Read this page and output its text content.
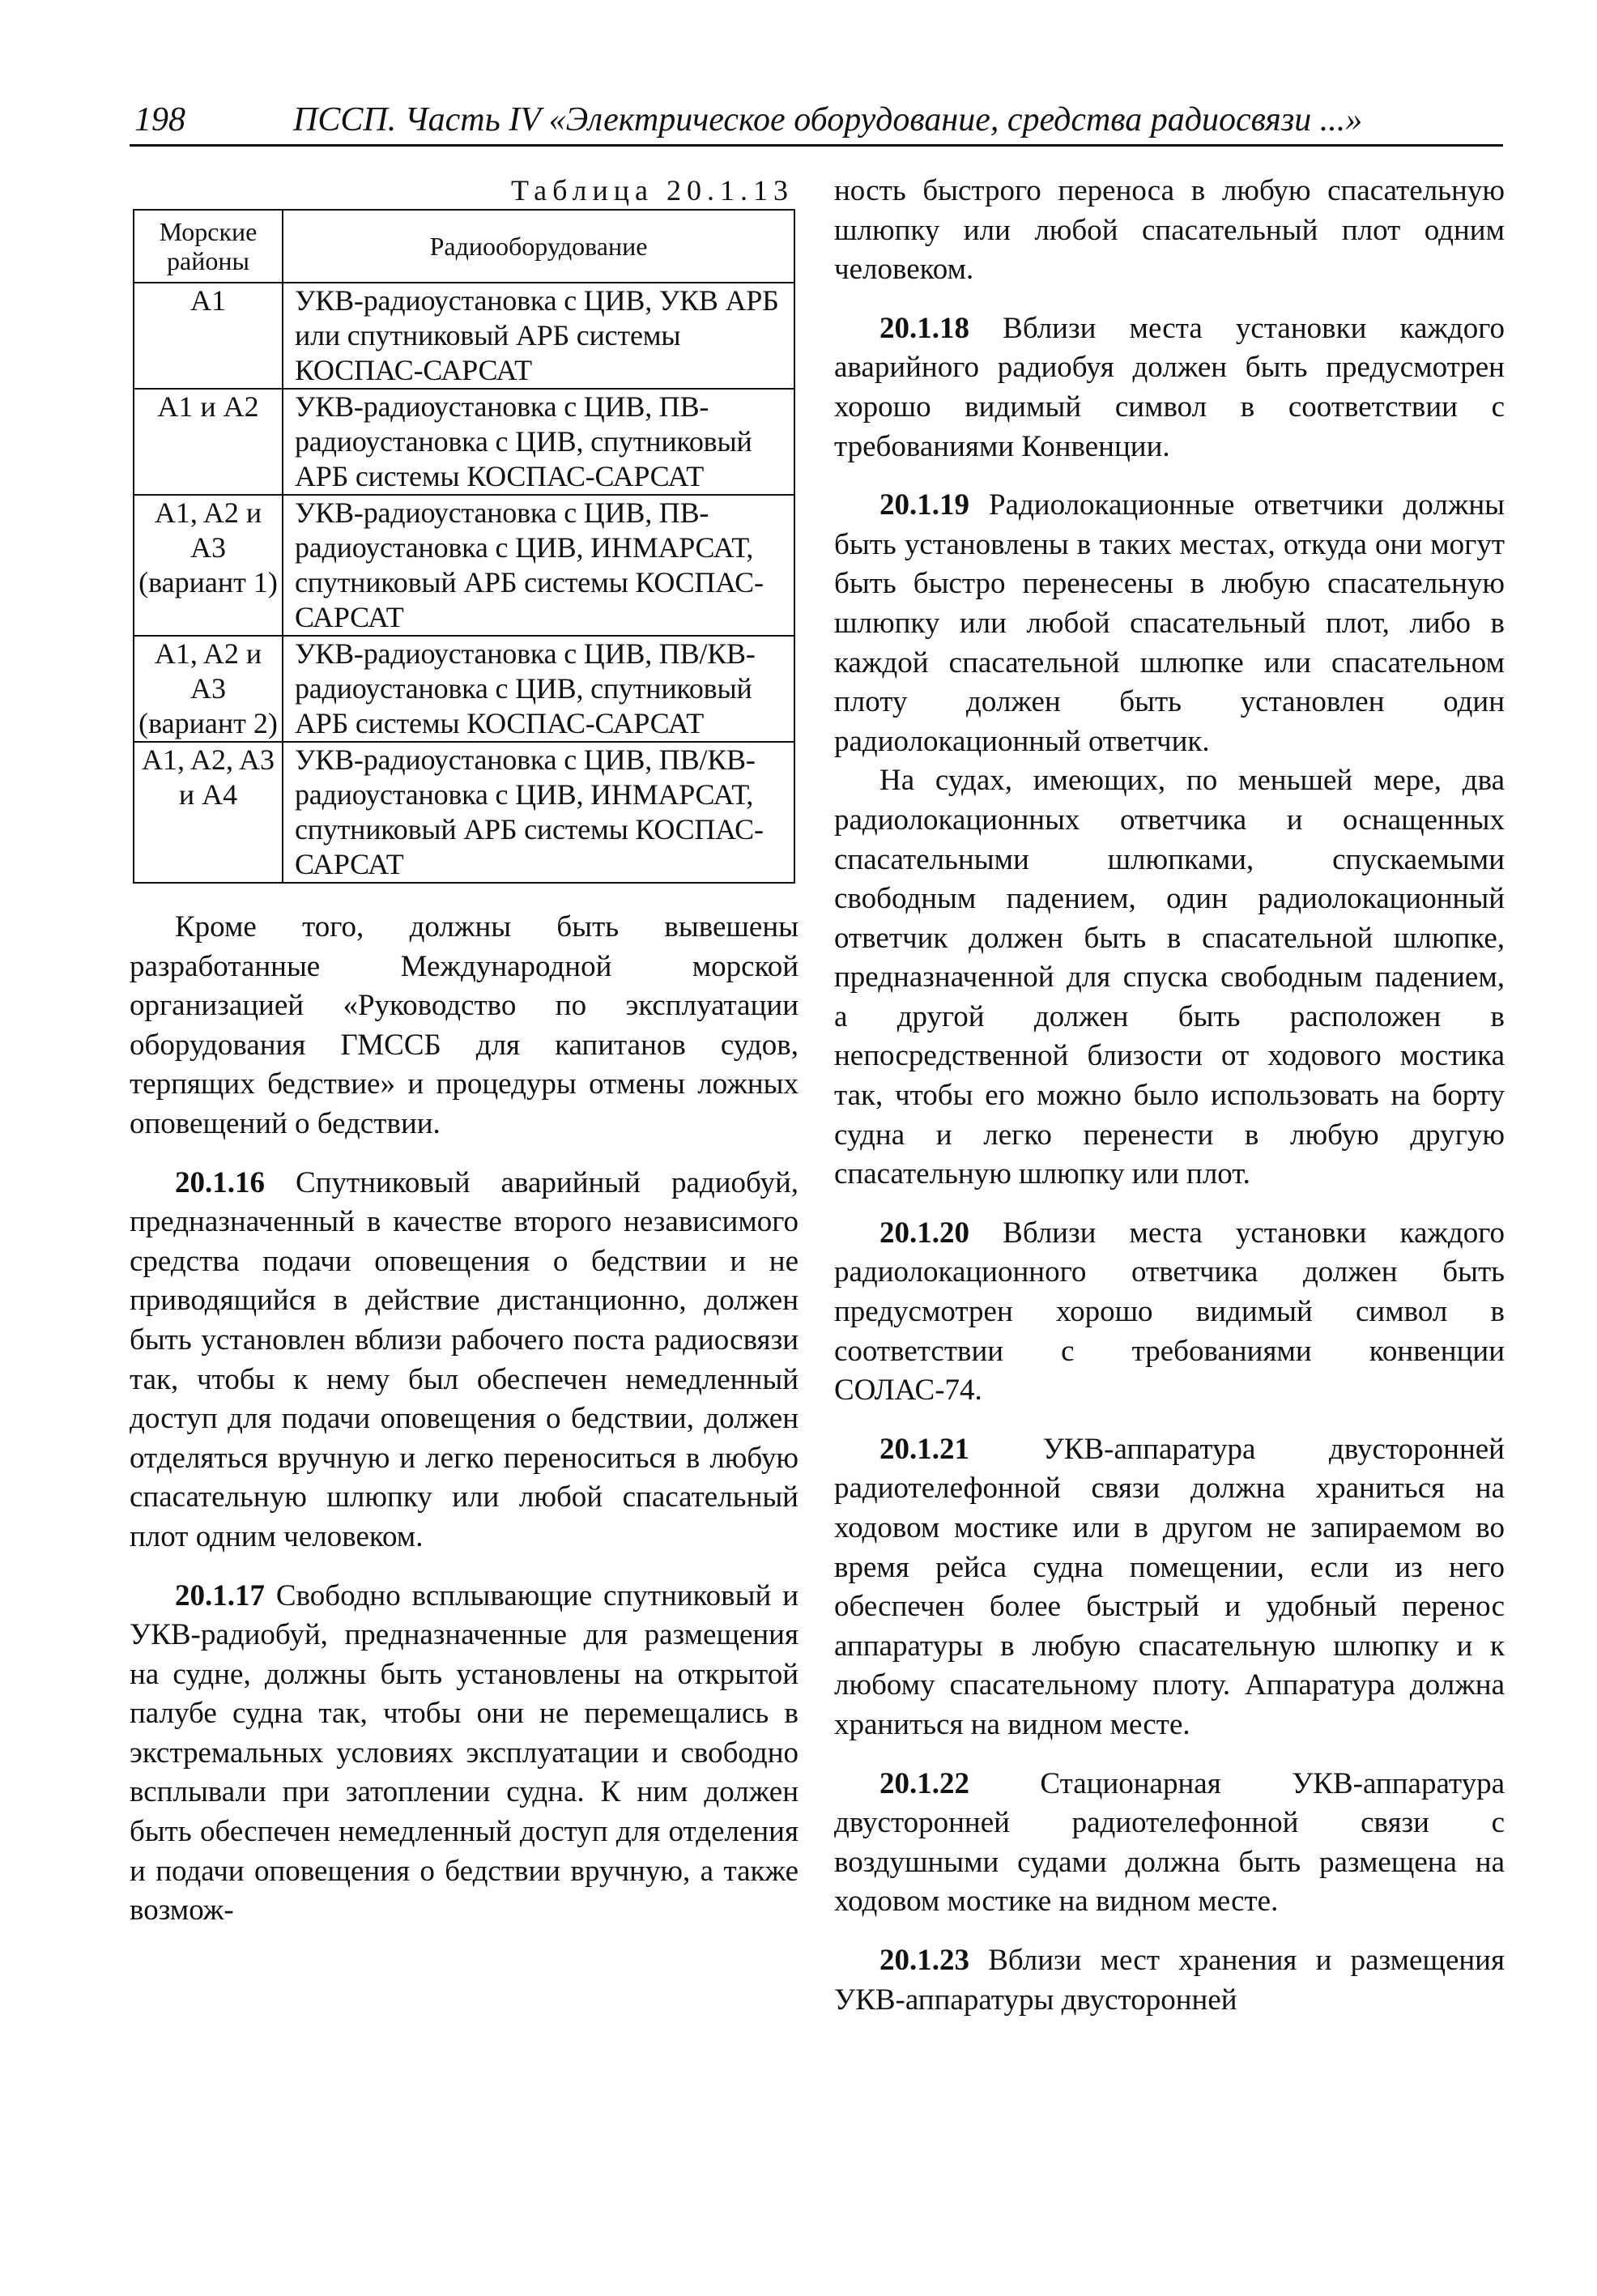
198	ПССП. Часть IV «Электрическое оборудование, средства радиосвязи ...»
Таблица 20.1.13
Морские районы	Радиооборудование
A1	УКВ-радиоустановка с ЦИВ, УКВ АРБ или спутниковый АРБ системы КОСПАС-САРСАТ
A1 и A2	УКВ-радиоустановка с ЦИВ, ПВ-радиоустановка с ЦИВ, спутниковый АРБ системы КОСПАС-САРСАТ
A1, A2 и A3 (вариант 1)	УКВ-радиоустановка с ЦИВ, ПВ-радиоустановка с ЦИВ, ИНМАРСАТ, спутниковый АРБ системы КОСПАС-САРСАТ
A1, A2 и A3 (вариант 2)	УКВ-радиоустановка с ЦИВ, ПВ/КВ-радиоустановка с ЦИВ, спутниковый АРБ системы КОСПАС-САРСАТ
A1, A2, A3 и A4	УКВ-радиоустановка с ЦИВ, ПВ/КВ-радиоустановка с ЦИВ, ИНМАРСАТ, спутниковый АРБ системы КОСПАС-САРСАТ

Кроме того, должны быть вывешены разработанные Международной морской организацией «Руководство по эксплуатации оборудования ГМССБ для капитанов судов, терпящих бедствие» и процедуры отмены ложных оповещений о бедствии.

20.1.16 Спутниковый аварийный радиобуй, предназначенный в качестве второго независимого средства подачи оповещения о бедствии и не приводящийся в действие дистанционно, должен быть установлен вблизи рабочего поста радиосвязи так, чтобы к нему был обеспечен немедленный доступ для подачи оповещения о бедствии, должен отделяться вручную и легко переноситься в любую спасательную шлюпку или любой спасательный плот одним человеком.

20.1.17 Свободно всплывающие спутниковый и УКВ-радиобуй, предназначенные для размещения на судне, должны быть установлены на открытой палубе судна так, чтобы они не перемещались в экстремальных условиях эксплуатации и свободно всплывали при затоплении судна. К ним должен быть обеспечен немедленный доступ для отделения и подачи оповещения о бедствии вручную, а также возмож-

ность быстрого переноса в любую спасательную шлюпку или любой спасательный плот одним человеком.

20.1.18 Вблизи места установки каждого аварийного радиобуя должен быть предусмотрен хорошо видимый символ в соответствии с требованиями Конвенции.

20.1.19 Радиолокационные ответчики должны быть установлены в таких местах, откуда они могут быть быстро перенесены в любую спасательную шлюпку или любой спасательный плот, либо в каждой спасательной шлюпке или спасательном плоту должен быть установлен один радиолокационный ответчик.

На судах, имеющих, по меньшей мере, два радиолокационных ответчика и оснащенных спасательными шлюпками, спускаемыми свободным падением, один радиолокационный ответчик должен быть в спасательной шлюпке, предназначенной для спуска свободным падением, а другой должен быть расположен в непосредственной близости от ходового мостика так, чтобы его можно было использовать на борту судна и легко перенести в любую другую спасательную шлюпку или плот.

20.1.20 Вблизи места установки каждого радиолокационного ответчика должен быть предусмотрен хорошо видимый символ в соответствии с требованиями конвенции СОЛАС-74.

20.1.21 УКВ-аппаратура двусторонней радиотелефонной связи должна храниться на ходовом мостике или в другом не запираемом во время рейса судна помещении, если из него обеспечен более быстрый и удобный перенос аппаратуры в любую спасательную шлюпку и к любому спасательному плоту. Аппаратура должна храниться на видном месте.

20.1.22 Стационарная УКВ-аппаратура двусторонней радиотелефонной связи с воздушными судами должна быть размещена на ходовом мостике на видном месте.

20.1.23 Вблизи мест хранения и размещения УКВ-аппаратуры двусторонней
